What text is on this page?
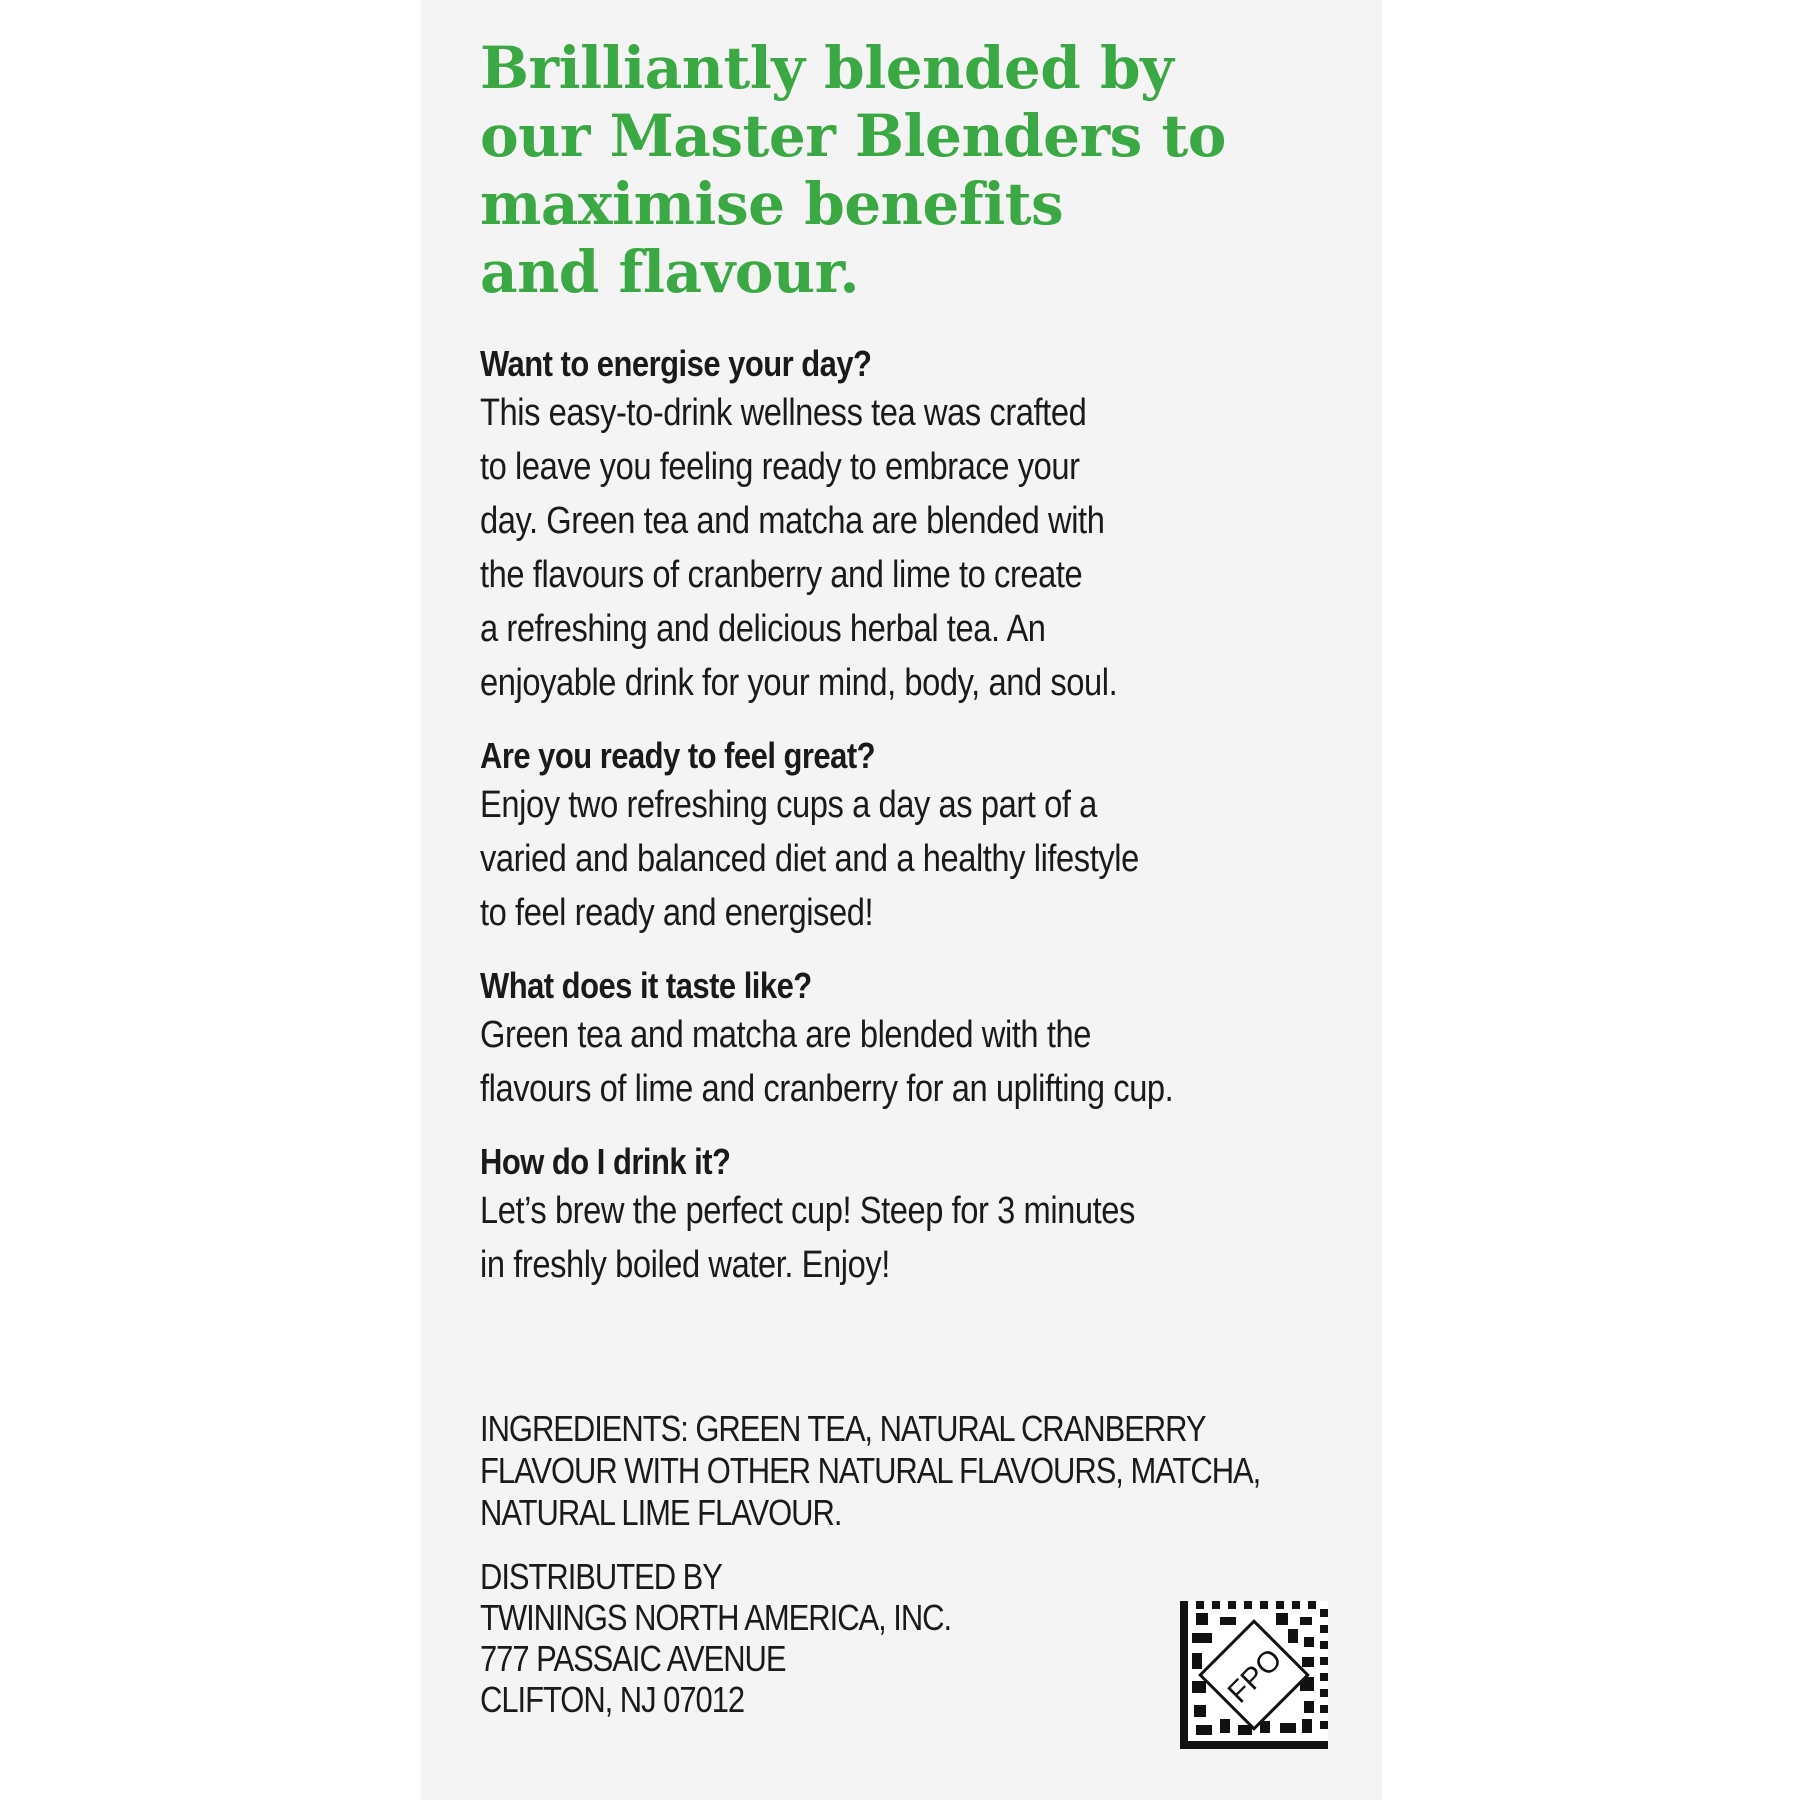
Brilliantly blended by
our Master Blenders to
maximise benefits
and flavour.
Want to energise your day?
This easy-to-drink wellness tea was crafted
to leave you feeling ready to embrace your
day. Green tea and matcha are blended with
the flavours of cranberry and lime to create
a refreshing and delicious herbal tea. An
enjoyable drink for your mind, body, and soul.
Are you ready to feel great?
Enjoy two refreshing cups a day as part of a
varied and balanced diet and a healthy lifestyle
to feel ready and energised!
What does it taste like?
Green tea and matcha are blended with the
flavours of lime and cranberry for an uplifting cup.
How do I drink it?
Let’s brew the perfect cup! Steep for 3 minutes
in freshly boiled water. Enjoy!
INGREDIENTS: GREEN TEA, NATURAL CRANBERRY
FLAVOUR WITH OTHER NATURAL FLAVOURS, MATCHA,
NATURAL LIME FLAVOUR.
DISTRIBUTED BY
TWININGS NORTH AMERICA, INC.
777 PASSAIC AVENUE
CLIFTON, NJ 07012	FPO
